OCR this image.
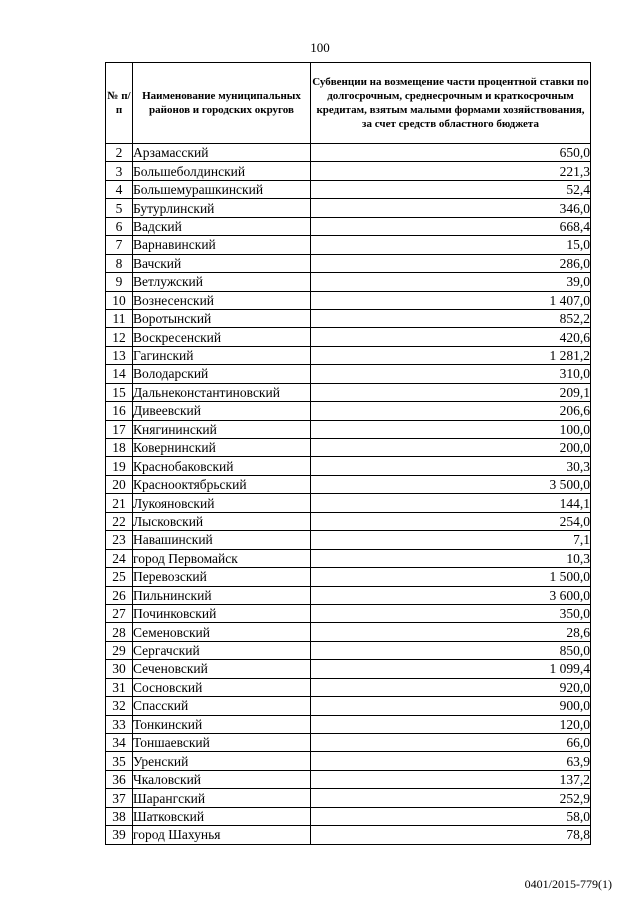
100
№ п/п	Наименование муниципальных районов и городских округов	Субвенции на возмещение части процентной ставки по долгосрочным, среднесрочным и краткосрочным кредитам, взятым малыми формами хозяйствования, за счет средств областного бюджета
2	Арзамасский	650,0
3	Большеболдинский	221,3
4	Большемурашкинский	52,4
5	Бутурлинский	346,0
6	Вадский	668,4
7	Варнавинский	15,0
8	Вачский	286,0
9	Ветлужский	39,0
10	Вознесенский	1 407,0
11	Воротынский	852,2
12	Воскресенский	420,6
13	Гагинский	1 281,2
14	Володарский	310,0
15	Дальнеконстантиновский	209,1
16	Дивеевский	206,6
17	Княгининский	100,0
18	Ковернинский	200,0
19	Краснобаковский	30,3
20	Краснооктябрьский	3 500,0
21	Лукояновский	144,1
22	Лысковский	254,0
23	Навашинский	7,1
24	город Первомайск	10,3
25	Перевозский	1 500,0
26	Пильнинский	3 600,0
27	Починковский	350,0
28	Семеновский	28,6
29	Сергачский	850,0
30	Сеченовский	1 099,4
31	Сосновский	920,0
32	Спасский	900,0
33	Тонкинский	120,0
34	Тоншаевский	66,0
35	Уренский	63,9
36	Чкаловский	137,2
37	Шарангский	252,9
38	Шатковский	58,0
39	город Шахунья	78,8
0401/2015-779(1)
